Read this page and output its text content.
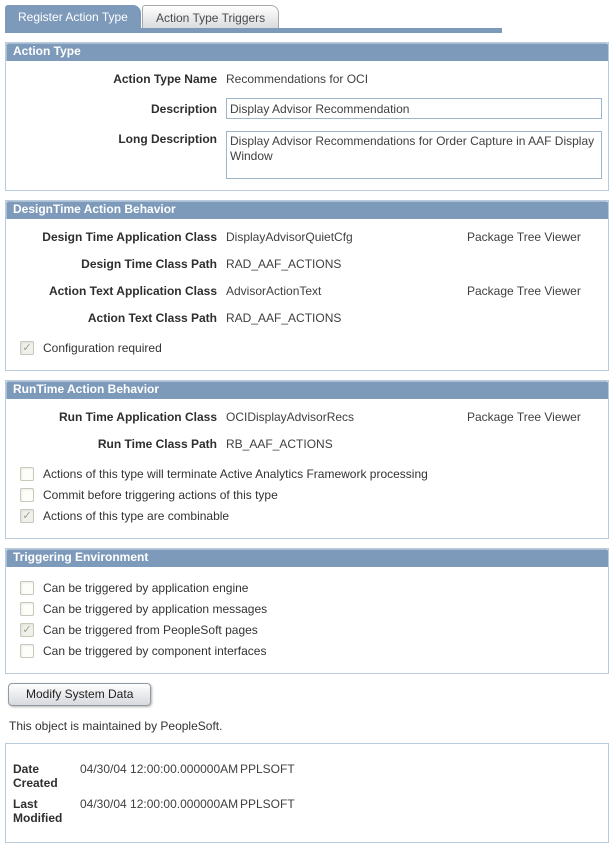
Register Action Type	Action Type Triggers
Action Type
Action Type Name Recommendations for OCI
Description
Display Advisor Recommendation
Long Description
Display Advisor Recommendations for Order Capture in AAF Display Window
DesignTime Action Behavior
Design Time Application Class DisplayAdvisorQuietCfg	Package Tree Viewer
Design Time Class Path RAD_AAF_ACTIONS
Action Text Application Class AdvisorActionText	Package Tree Viewer
Action Text Class Path RAD_AAF_ACTIONS
✓ Configuration required
RunTime Action Behavior
Run Time Application Class OCIDisplayAdvisorRecs	Package Tree Viewer
Run Time Class Path RB_AAF_ACTIONS
Actions of this type will terminate Active Analytics Framework processing
Commit before triggering actions of this type
✓ Actions of this type are combinable
Triggering Environment
Can be triggered by application engine
Can be triggered by application messages
✓ Can be triggered from PeopleSoft pages
Can be triggered by component interfaces
Modify System Data
This object is maintained by PeopleSoft.
Date Created
04/30/04 12:00:00.000000AM PPLSOFT
Last Modified
04/30/04 12:00:00.000000AM PPLSOFT
